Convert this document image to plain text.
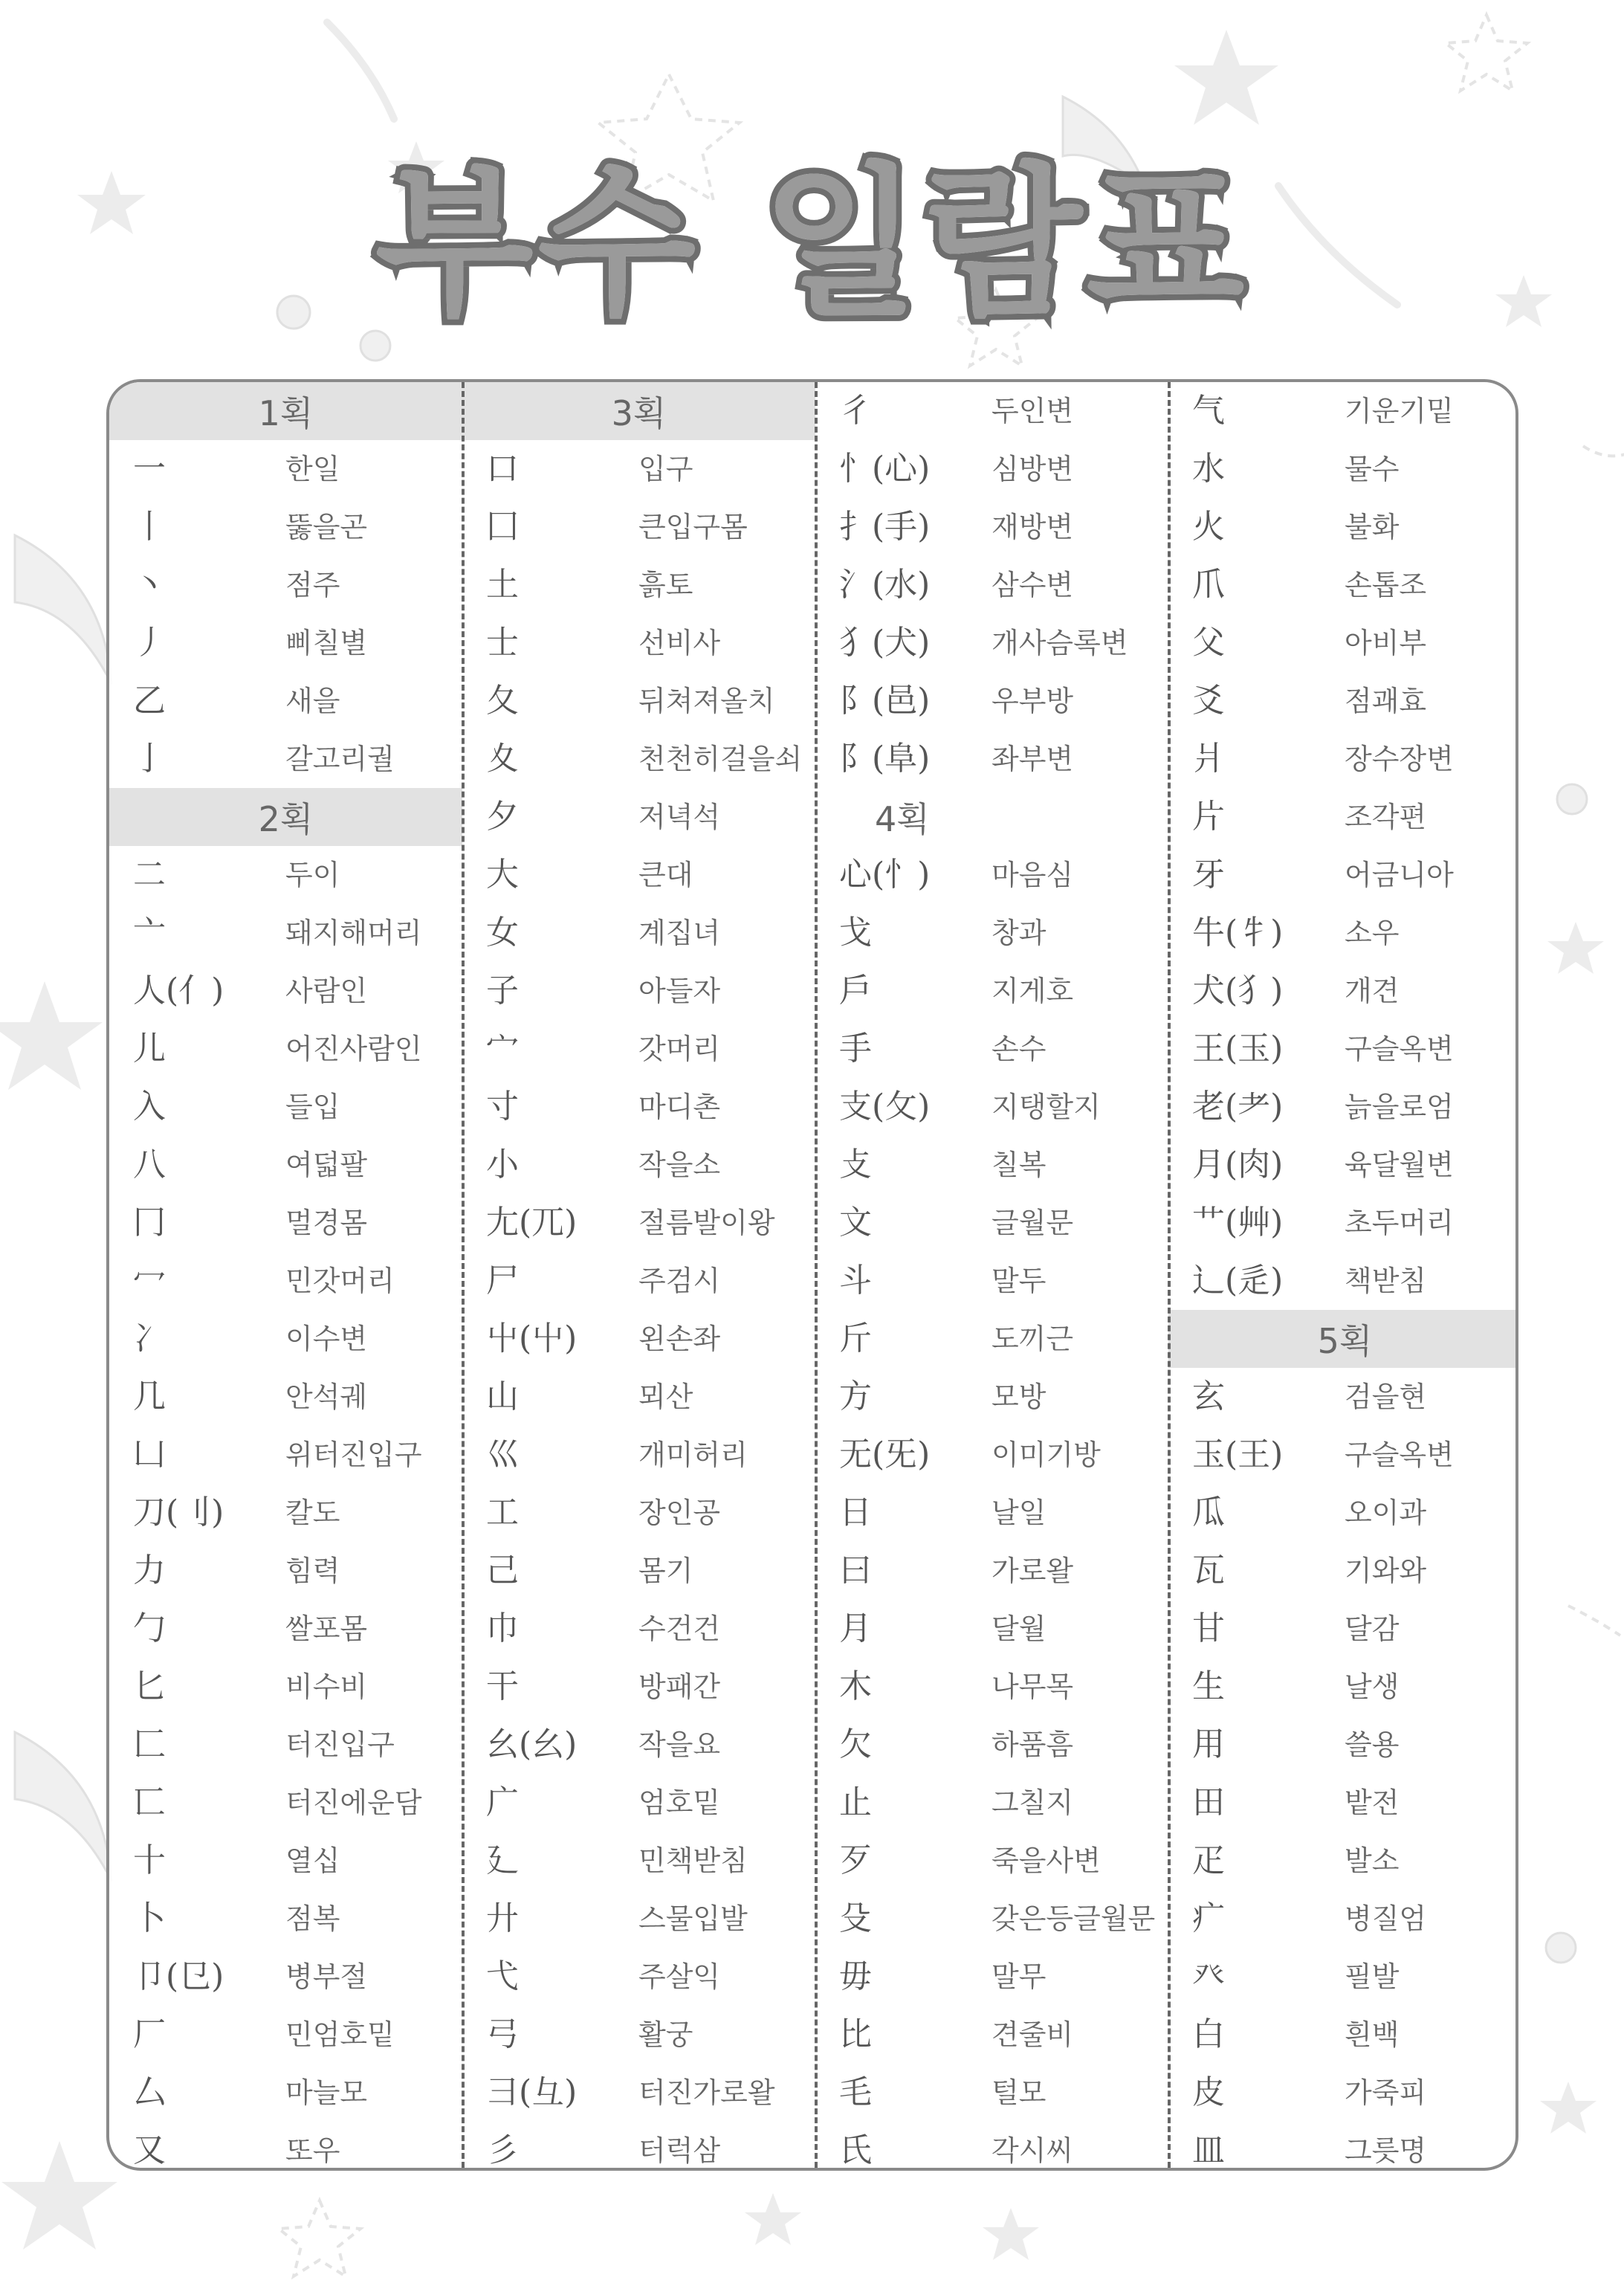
부수 일람표
1획
一	한일
丨	뚫을곤
丶	점주
丿	삐칠별
乙	새을
亅	갈고리궐
2획
二	두이
亠	돼지해머리
人(亻) 사람인
儿	어진사람인
入	들입
八	여덟팔
冂	멀경몸
冖	민갓머리
冫	이수변
几	안석궤
凵	위터진입구
刀(刂) 칼도
力	힘력
勹	쌀포몸
匕	비수비
匚	터진입구
匸	터진에운담
十	열십
卜	점복
卩(㔾) 병부절
厂	민엄호밑
厶	마늘모
又	또우
3획
口	입구
囗	큰입구몸
土	흙토
士	선비사
夂	뒤쳐져올치
夊	천천히걸을쇠
夕	저녁석
大	큰대
女	계집녀
子	아들자
宀	갓머리
寸	마디촌
小	작을소
尢(兀) 절름발이왕
尸	주검시
屮(屮) 왼손좌
山	뫼산
巛	개미허리
工	장인공
己	몸기
巾	수건건
干	방패간
幺(幺) 작을요
广	엄호밑
廴	민책받침
廾	스물입발
弋	주살익
弓	활궁
彐(彑) 터진가로왈
彡	터럭삼
彳	두인변
忄(心) 심방변
扌(手) 재방변
氵(水) 삼수변
犭(犬) 개사슴록변
阝(邑) 우부방
阝(阜) 좌부변
4획
心(忄) 마음심
戈	창과
戶	지게호
手	손수
支(攵) 지탱할지
攴	칠복
文	글월문
斗	말두
斤	도끼근
方	모방
无(旡) 이미기방
日	날일
曰	가로왈
月	달월
木	나무목
欠	하품흠
止	그칠지
歹	죽을사변
殳	갖은등글월문
毋	말무
比	견줄비
毛	털모
氏	각시씨
气	기운기밑
水	물수
火	불화
爪	손톱조
父	아비부
爻	점괘효
爿	장수장변
片	조각편
牙	어금니아
牛(牜) 소우
犬(犭) 개견
王(玉) 구슬옥변
老(耂) 늙을로엄
月(肉) 육달월변
艹(艸) 초두머리
辶(辵) 책받침
5획
玄	검을현
玉(王) 구슬옥변
瓜	오이과
瓦	기와와
甘	달감
生	날생
用	쓸용
田	밭전
疋	발소
疒	병질엄
癶	필발
白	흰백
皮	가죽피
皿	그릇명
